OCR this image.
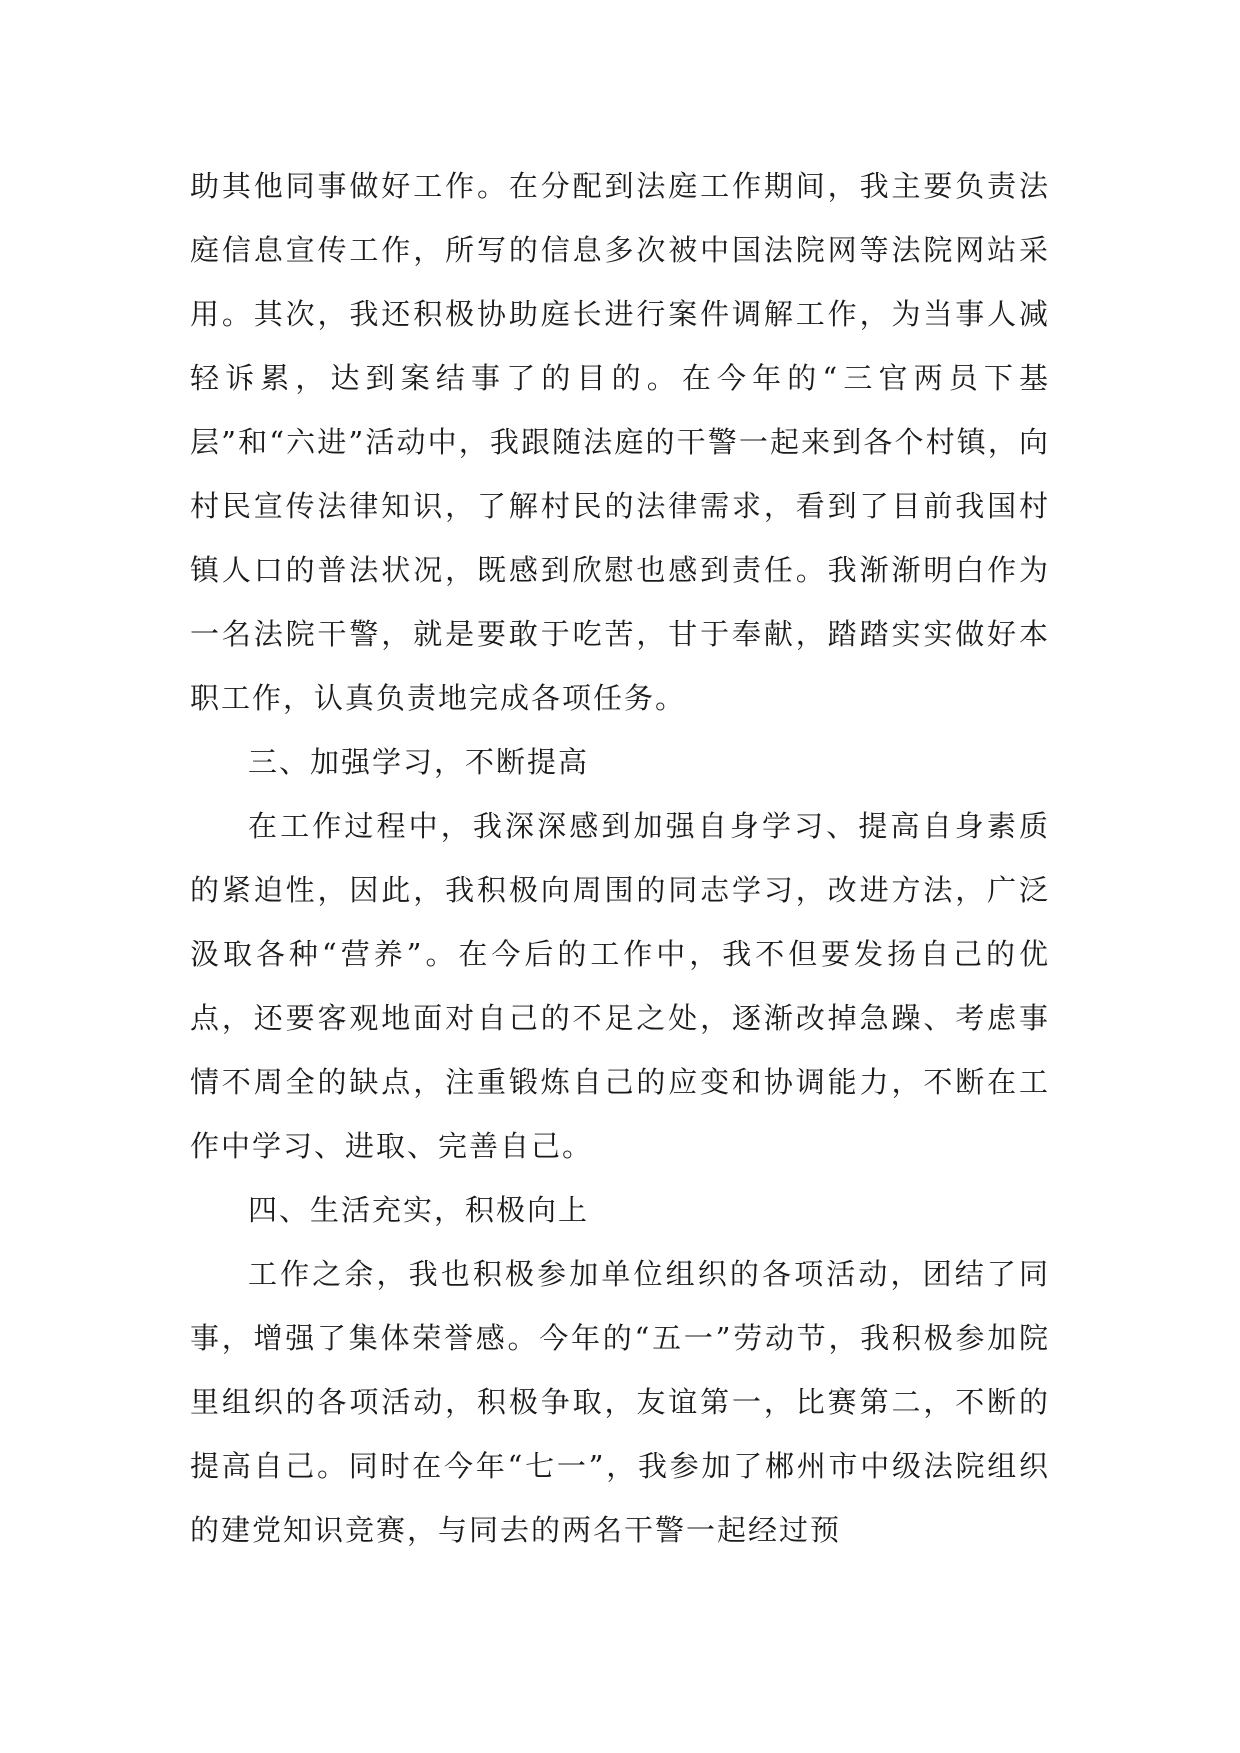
助其他同事做好工作。在分配到法庭工作期间，我主要负责法庭信息宣传工作，所写的信息多次被中国法院网等法院网站采用。其次，我还积极协助庭长进行案件调解工作，为当事人减轻诉累，达到案结事了的目的。在今年的“三官两员下基层”和“六进”活动中，我跟随法庭的干警一起来到各个村镇，向村民宣传法律知识，了解村民的法律需求，看到了目前我国村镇人口的普法状况，既感到欣慰也感到责任。我渐渐明白作为一名法院干警，就是要敢于吃苦，甘于奉献，踏踏实实做好本职工作，认真负责地完成各项任务。

三、加强学习，不断提高

在工作过程中，我深深感到加强自身学习、提高自身素质的紧迫性，因此，我积极向周围的同志学习，改进方法，广泛汲取各种“营养”。在今后的工作中，我不但要发扬自己的优点，还要客观地面对自己的不足之处，逐渐改掉急躁、考虑事情不周全的缺点，注重锻炼自己的应变和协调能力，不断在工作中学习、进取、完善自己。

四、生活充实，积极向上

工作之余，我也积极参加单位组织的各项活动，团结了同事，增强了集体荣誉感。今年的“五一”劳动节，我积极参加院里组织的各项活动，积极争取，友谊第一，比赛第二，不断的提高自己。同时在今年“七一”，我参加了郴州市中级法院组织的建党知识竞赛，与同去的两名干警一起经过预
